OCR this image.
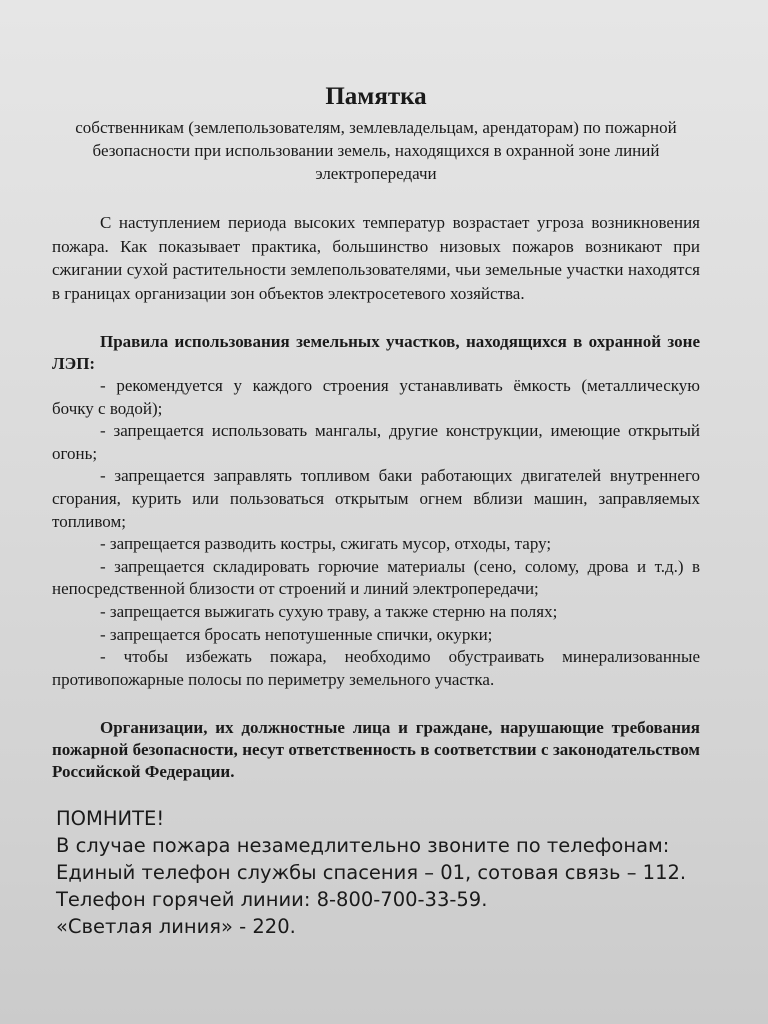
Памятка

собственникам (землепользователям, землевладельцам, арендаторам) по пожарной безопасности при использовании земель, находящихся в охранной зоне линий электропередачи

С наступлением периода высоких температур возрастает угроза возникновения пожара. Как показывает практика, большинство низовых пожаров возникают при сжигании сухой растительности землепользователями, чьи земельные участки находятся в границах организации зон объектов электросетевого хозяйства.

Правила использования земельных участков, находящихся в охранной зоне ЛЭП:

- рекомендуется у каждого строения устанавливать ёмкость (металлическую бочку с водой);
- запрещается использовать мангалы, другие конструкции, имеющие открытый огонь;
- запрещается заправлять топливом баки работающих двигателей внутреннего сгорания, курить или пользоваться открытым огнем вблизи машин, заправляемых топливом;
- запрещается разводить костры, сжигать мусор, отходы, тару;
- запрещается складировать горючие материалы (сено, солому, дрова и т.д.) в непосредственной близости от строений и линий электропередачи;
- запрещается выжигать сухую траву, а также стерню на полях;
- запрещается бросать непотушенные спички, окурки;
- чтобы избежать пожара, необходимо обустраивать минерализованные противопожарные полосы по периметру земельного участка.

Организации, их должностные лица и граждане, нарушающие требования пожарной безопасности, несут ответственность в соответствии с законодательством Российской Федерации.

ПОМНИТЕ!

В случае пожара незамедлительно звоните по телефонам:

Единый телефон службы спасения – 01, сотовая связь – 112.

Телефон горячей линии: 8-800-700-33-59.

«Светлая линия» - 220.
